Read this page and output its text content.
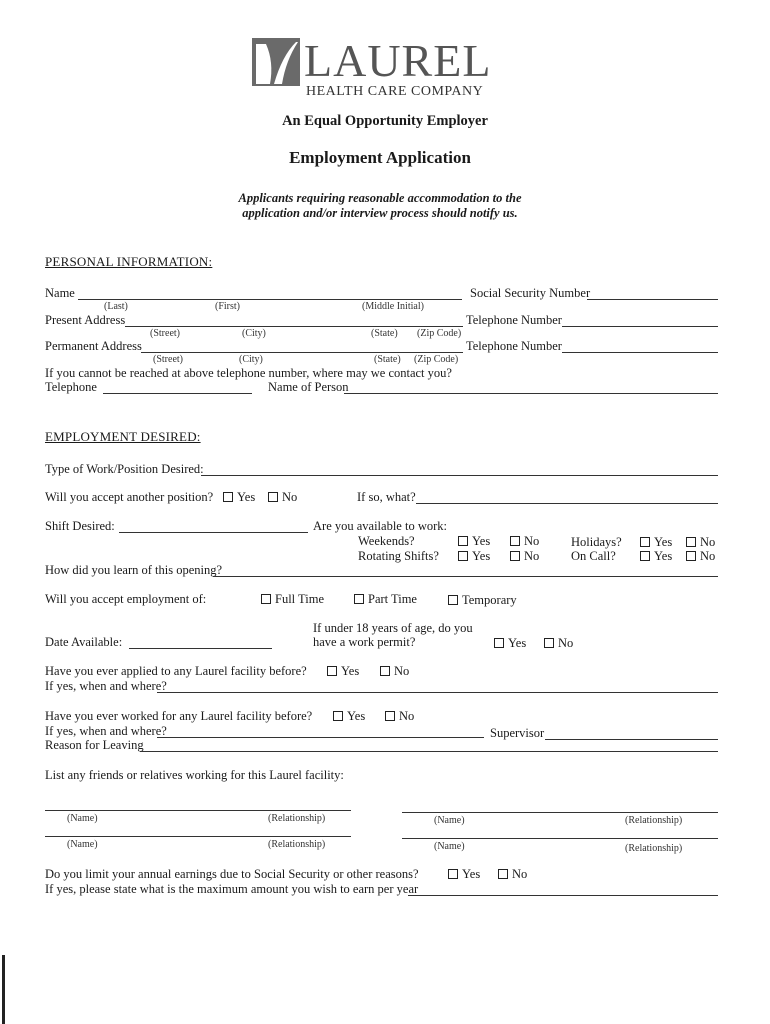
LAUREL
HEALTH CARE COMPANY
An Equal Opportunity Employer
Employment Application
Applicants requiring reasonable accommodation to the
application and/or interview process should notify us.
PERSONAL INFORMATION:
Name	Social Security Number
(Last)	(First)	(Middle Initial)
Present Address	Telephone Number
(Street)	(City)	(State) (Zip Code)
Permanent Address	Telephone Number
(Street)	(City)	(State) (Zip Code)
If you cannot be reached at above telephone number, where may we contact you?
Telephone	Name of Person
EMPLOYMENT DESIRED:
Type of Work/Position Desired:
Will you accept another position?	Yes	No	If so, what?
Shift Desired:	Are you available to work:
Weekends?	Yes	No	Holidays?	Yes	No
Rotating Shifts?	Yes	No	On Call?	Yes	No
How did you learn of this opening?
Will you accept employment of:	Full Time	Part Time	Temporary
If under 18 years of age, do you
have a work permit?	Yes	No
Date Available:
Have you ever applied to any Laurel facility before?	Yes	No
If yes, when and where?
Have you ever worked for any Laurel facility before?	Yes	No
If yes, when and where?	Supervisor
Reason for Leaving
List any friends or relatives working for this Laurel facility:
(Name)	(Relationship)	(Name)	(Relationship)
(Name)	(Relationship)	(Name)	(Relationship)
Do you limit your annual earnings due to Social Security or other reasons?	Yes	No
If yes, please state what is the maximum amount you wish to earn per year
